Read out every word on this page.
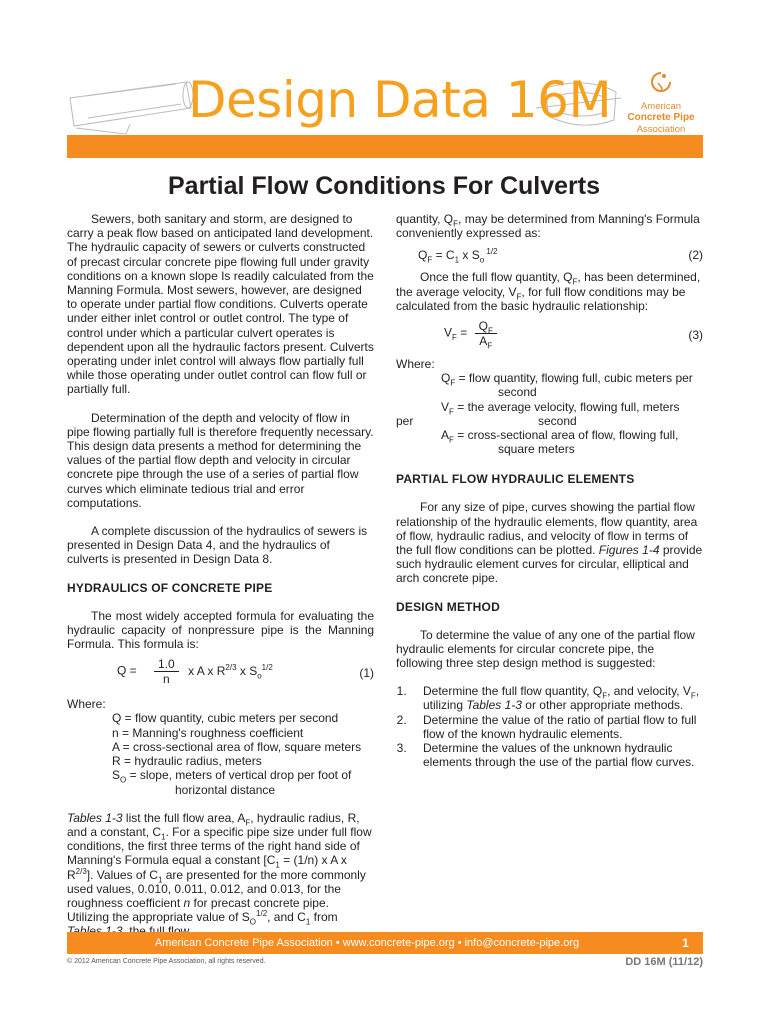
Design Data 16M	American
Concrete Pipe
Association
Partial Flow Conditions For Culverts

Sewers, both sanitary and storm, are designed to carry a peak flow based on anticipated land development. The hydraulic capacity of sewers or culverts constructed of precast circular concrete pipe flowing full under gravity conditions on a known slope Is readily calculated from the Manning Formula. Most sewers, however, are designed to operate under partial flow conditions. Culverts operate under either inlet control or outlet control. The type of control under which a particular culvert operates is dependent upon all the hydraulic factors present. Culverts operating under inlet control will always flow partially full while those operating under outlet control can flow full or partially full.

Determination of the depth and velocity of flow in pipe flowing partially full is therefore frequently necessary. This design data presents a method for determining the values of the partial flow depth and velocity in circular concrete pipe through the use of a series of partial flow curves which eliminate tedious trial and error computations.

A complete discussion of the hydraulics of sewers is presented in Design Data 4, and the hydraulics of culverts is presented in Design Data 8.

HYDRAULICS OF CONCRETE PIPE

The most widely accepted formula for evaluating the hydraulic capacity of nonpressure pipe is the Manning Formula. This formula is:

$Q = \frac{1.0}{n}$ x A x $R^{2/3}$ x $S_o^{1/2}$	(1)

Where:

Q = flow quantity, cubic meters per second
n = Manning's roughness coefficient
A = cross-sectional area of flow, square meters
R = hydraulic radius, meters
$S_O$ = slope, meters of vertical drop per foot of
horizontal distance

Tables 1-3 list the full flow area, $A_F$, hydraulic radius, R, and a constant, $C_1$. For a specific pipe size under full flow conditions, the first three terms of the right hand side of Manning's Formula equal a constant [$C_1 = (1/n)$ x A x $R^{2/3}$]. Values of $C_1$ are presented for the more commonly used values, 0.010, 0.011, 0.012, and 0.013, for the roughness coefficient n for precast concrete pipe. Utilizing the appropriate value of $S_O^{1/2}$, and $C_1$ from

quantity, $Q_F$, may be determined from Manning's Formula conveniently expressed as:

$Q_F = C_1$ x $S_o$ $^{1/2}$	(2)

Once the full flow quantity, $Q_F$, has been determined, the average velocity, $V_F$, for full flow conditions may be calculated from the basic hydraulic relationship:

$V_F = \frac{Q_F}{A_F}$	(3)

Where:

$Q_F$ = flow quantity, flowing full, cubic meters per
second
$V_F$ = the average velocity, flowing full, meters
per	second
$A_F$ = cross-sectional area of flow, flowing full,
square meters

PARTIAL FLOW HYDRAULIC ELEMENTS

For any size of pipe, curves showing the partial flow relationship of the hydraulic elements, flow quantity, area of flow, hydraulic radius, and velocity of flow in terms of the full flow conditions can be plotted. Figures 1-4 provide such hydraulic element curves for circular, elliptical and arch concrete pipe.

DESIGN METHOD

To determine the value of any one of the partial flow hydraulic elements for circular concrete pipe, the following three step design method is suggested:

1. Determine the full flow quantity, $Q_F$, and velocity, $V_F$, utilizing Tables 1-3 or other appropriate methods.
2. Determine the value of the ratio of partial flow to full flow of the known hydraulic elements.
3. Determine the values of the unknown hydraulic elements through the use of the partial flow curves.
American Concrete Pipe Association • www.concrete-pipe.org • info@concrete-pipe.org	1
© 2012 American Concrete Pipe Association, all rights reserved.	DD 16M (11/12)
